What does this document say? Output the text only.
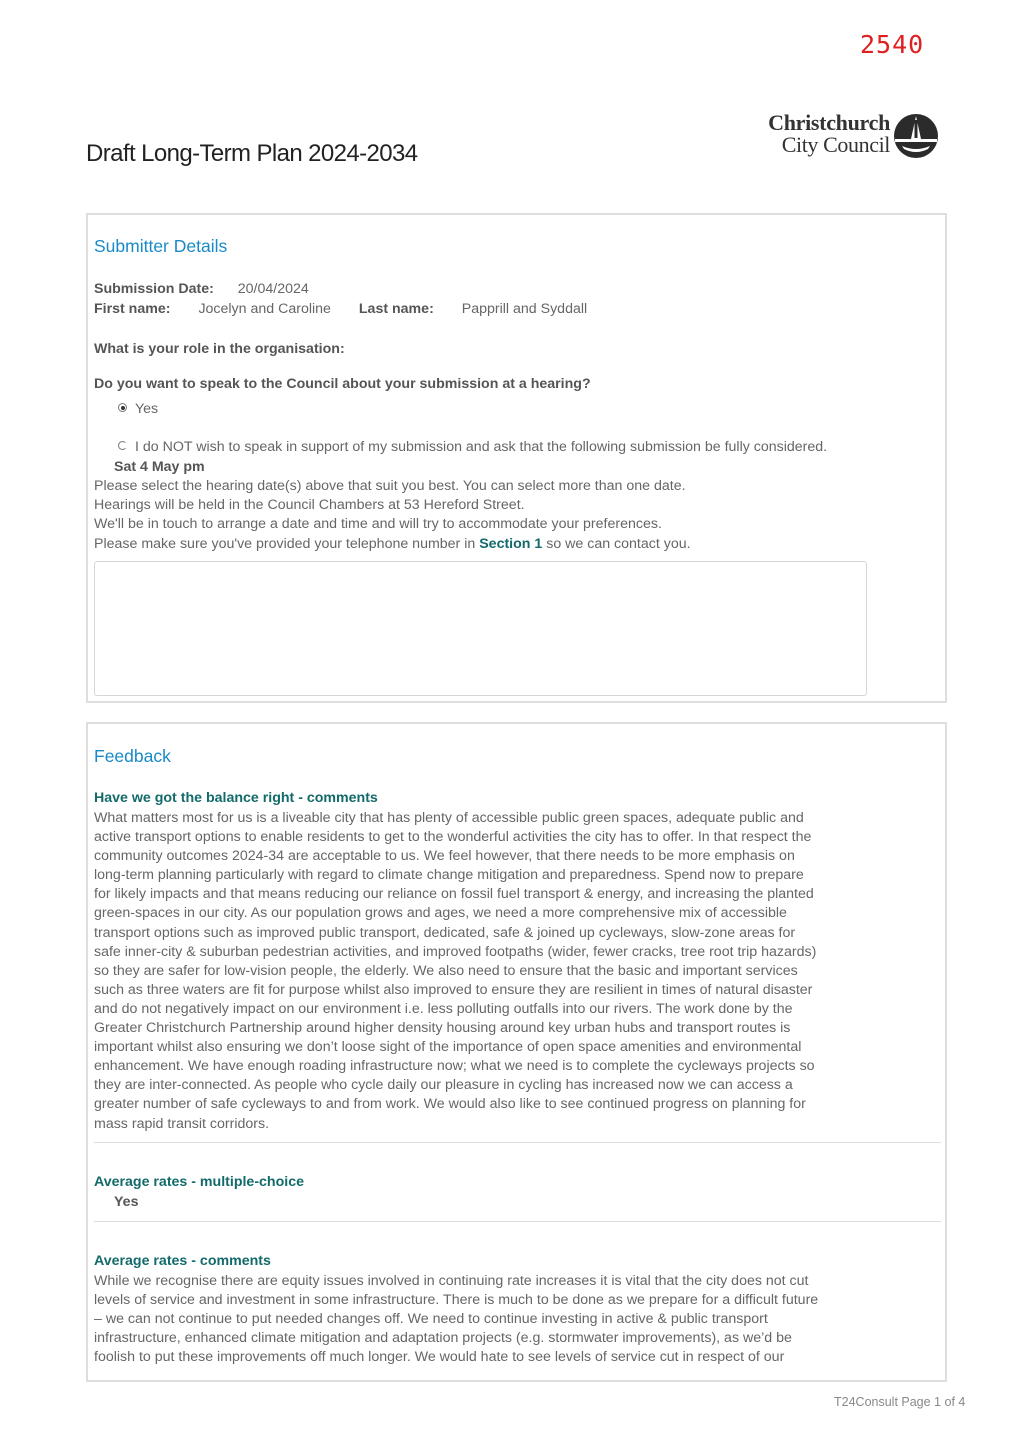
2540
Draft Long-Term Plan 2024-2034
Christchurch
City Council
Submitter Details
Submission Date: 20/04/2024
First name: Jocelyn and Caroline Last name: Papprill and Syddall
What is your role in the organisation:
Do you want to speak to the Council about your submission at a hearing?
Yes
I do NOT wish to speak in support of my submission and ask that the following submission be fully considered.
Sat 4 May pm
Please select the hearing date(s) above that suit you best. You can select more than one date.
Hearings will be held in the Council Chambers at 53 Hereford Street.
We'll be in touch to arrange a date and time and will try to accommodate your preferences.
Please make sure you've provided your telephone number in Section 1 so we can contact you.
Feedback
Have we got the balance right - comments
What matters most for us is a liveable city that has plenty of accessible public green spaces, adequate public and
active transport options to enable residents to get to the wonderful activities the city has to offer. In that respect the
community outcomes 2024-34 are acceptable to us. We feel however, that there needs to be more emphasis on
long-term planning particularly with regard to climate change mitigation and preparedness. Spend now to prepare
for likely impacts and that means reducing our reliance on fossil fuel transport & energy, and increasing the planted
green-spaces in our city. As our population grows and ages, we need a more comprehensive mix of accessible
transport options such as improved public transport, dedicated, safe & joined up cycleways, slow-zone areas for
safe inner-city & suburban pedestrian activities, and improved footpaths (wider, fewer cracks, tree root trip hazards)
so they are safer for low-vision people, the elderly. We also need to ensure that the basic and important services
such as three waters are fit for purpose whilst also improved to ensure they are resilient in times of natural disaster
and do not negatively impact on our environment i.e. less polluting outfalls into our rivers. The work done by the
Greater Christchurch Partnership around higher density housing around key urban hubs and transport routes is
important whilst also ensuring we don’t loose sight of the importance of open space amenities and environmental
enhancement. We have enough roading infrastructure now; what we need is to complete the cycleways projects so
they are inter-connected. As people who cycle daily our pleasure in cycling has increased now we can access a
greater number of safe cycleways to and from work. We would also like to see continued progress on planning for
mass rapid transit corridors.
Average rates - multiple-choice
Yes
Average rates - comments
While we recognise there are equity issues involved in continuing rate increases it is vital that the city does not cut
levels of service and investment in some infrastructure. There is much to be done as we prepare for a difficult future
– we can not continue to put needed changes off. We need to continue investing in active & public transport
infrastructure, enhanced climate mitigation and adaptation projects (e.g. stormwater improvements), as we’d be
foolish to put these improvements off much longer. We would hate to see levels of service cut in respect of our
T24Consult Page 1 of 4
